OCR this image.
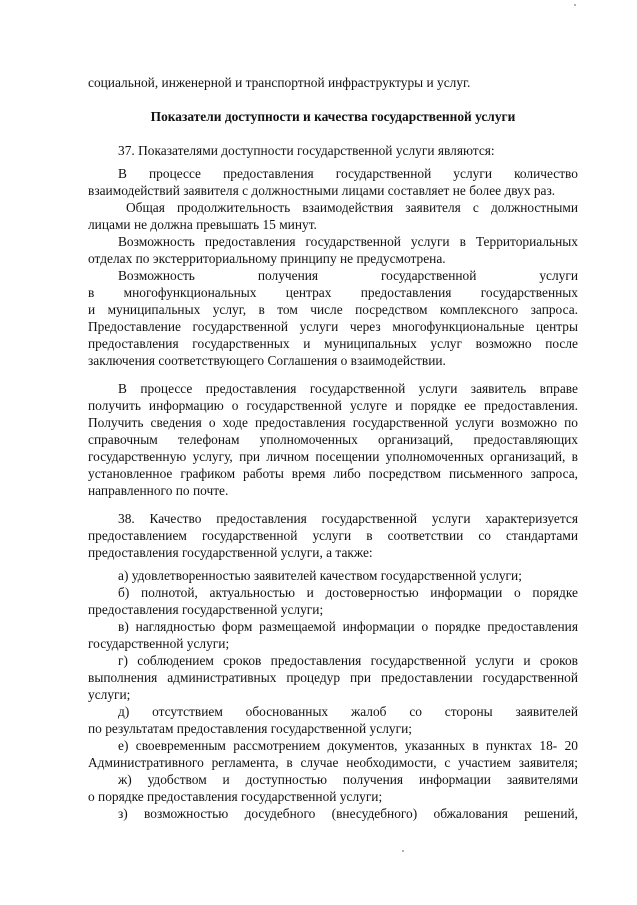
социальной, инженерной и транспортной инфраструктуры и услуг.
Показатели доступности и качества государственной услуги
37. Показателями доступности государственной услуги являются:
В процессе предоставления государственной услуги количество
взаимодействий заявителя с должностными лицами составляет не более двух раз.
Общая продолжительность взаимодействия заявителя с должностными
лицами не должна превышать 15 минут.
Возможность предоставления государственной услуги в Территориальных
отделах по экстерриториальному принципу не предусмотрена.
Возможность получения государственной услуги
в многофункциональных центрах предоставления государственных
и муниципальных услуг, в том числе посредством комплексного запроса.
Предоставление государственной услуги через многофункциональные центры
предоставления государственных и муниципальных услуг возможно после
заключения соответствующего Соглашения о взаимодействии.
В процессе предоставления государственной услуги заявитель вправе
получить информацию о государственной услуге и порядке ее предоставления.
Получить сведения о ходе предоставления государственной услуги возможно по
справочным телефонам уполномоченных организаций, предоставляющих
государственную услугу, при личном посещении уполномоченных организаций, в
установленное графиком работы время либо посредством письменного запроса,
направленного по почте.
38. Качество предоставления государственной услуги характеризуется
предоставлением государственной услуги в соответствии со стандартами
предоставления государственной услуги, а также:
а) удовлетворенностью заявителей качеством государственной услуги;
б) полнотой, актуальностью и достоверностью информации о порядке
предоставления государственной услуги;
в) наглядностью форм размещаемой информации о порядке предоставления
государственной услуги;
г) соблюдением сроков предоставления государственной услуги и сроков
выполнения административных процедур при предоставлении государственной
услуги;
д) отсутствием обоснованных жалоб со стороны заявителей
по результатам предоставления государственной услуги;
е) своевременным рассмотрением документов, указанных в пунктах 18- 20
Административного регламента, в случае необходимости, с участием заявителя;
ж) удобством и доступностью получения информации заявителями
о порядке предоставления государственной услуги;
з) возможностью досудебного (внесудебного) обжалования решений,
